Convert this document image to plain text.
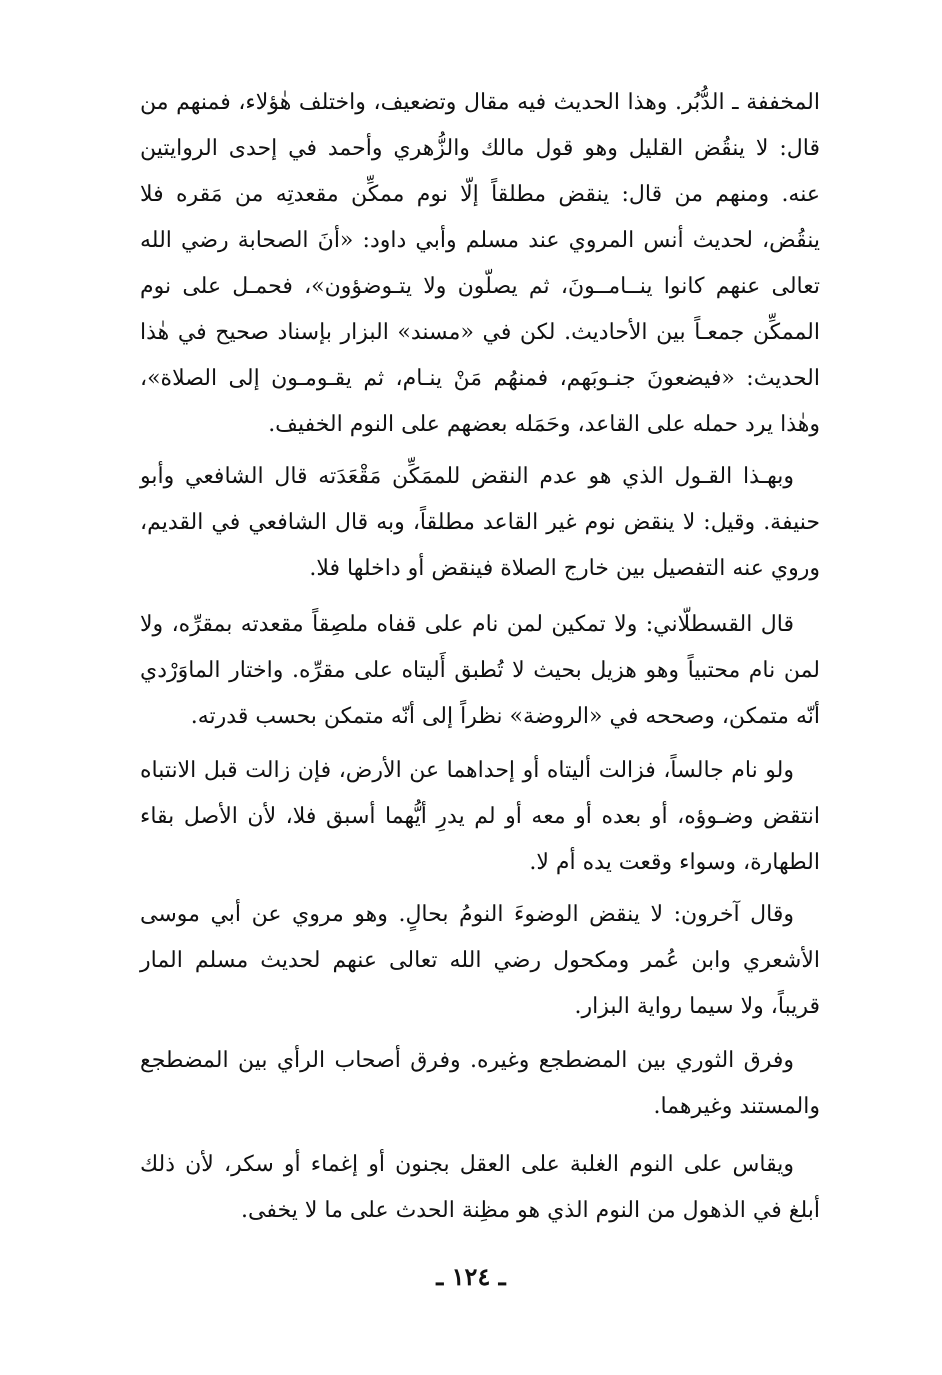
المخففة ـ الدُّبُر. وهذا الحديث فيه مقال وتضعيف، واختلف هٰؤلاء، فمنهم من قال: لا ينقُض القليل وهو قول مالك والزُّهري وأحمد في إحدى الروايتين عنه. ومنهم من قال: ينقض مطلقاً إلّا نوم ممكِّن مقعدتِه من مَقره فلا ينقُض، لحديث أنس المروي عند مسلم وأبي داود: «أنَ الصحابة رضي الله تعالى عنهم كانوا ينــامــونَ، ثم يصلّون ولا يتـوضؤون»، فحمـل على نوم الممكِّن جمعـاً بين الأحاديث. لكن في «مسند» البزار بإسناد صحيح في هٰذا الحديث: «فيضعونَ جنـوبَهم، فمنهُم مَنْ ينـام، ثم يقـومـون إلى الصلاة»، وهٰذا يرد حمله على القاعد، وحَمَله بعضهم على النوم الخفيف.

وبهـذا القـول الذي هو عدم النقض للممَكِّن مَقْعَدَته قال الشافعي وأبو حنيفة. وقيل: لا ينقض نوم غير القاعد مطلقاً، وبه قال الشافعي في القديم، وروي عنه التفصيل بين خارج الصلاة فينقض أو داخلها فلا.

قال القسطلّاني: ولا تمكين لمن نام على قفاه ملصِقاً مقعدته بمقرِّه، ولا لمن نام محتبياً وهو هزيل بحيث لا تُطبق أَليتاه على مقرِّه. واختار الماوَرْدي أنّه متمكن، وصححه في «الروضة» نظراً إلى أنّه متمكن بحسب قدرته.

ولو نام جالساً، فزالت أليتاه أو إحداهما عن الأرض، فإن زالت قبل الانتباه انتقض وضـوؤه، أو بعده أو معه أو لم يدرِ أيُّهما أسبق فلا، لأن الأصل بقاء الطهارة، وسواء وقعت يده أم لا.

وقال آخرون: لا ينقض الوضوءَ النومُ بحالٍ. وهو مروي عن أبي موسى الأشعري وابن عُمر ومكحول رضي الله تعالى عنهم لحديث مسلم المار قريباً، ولا سيما رواية البزار.

وفرق الثوري بين المضطجع وغيره. وفرق أصحاب الرأي بين المضطجع والمستند وغيرهما.

ويقاس على النوم الغلبة على العقل بجنون أو إغماء أو سكر، لأن ذلك أبلغ في الذهول من النوم الذي هو مظِنة الحدث على ما لا يخفى.

ـ ١٢٤ ـ
